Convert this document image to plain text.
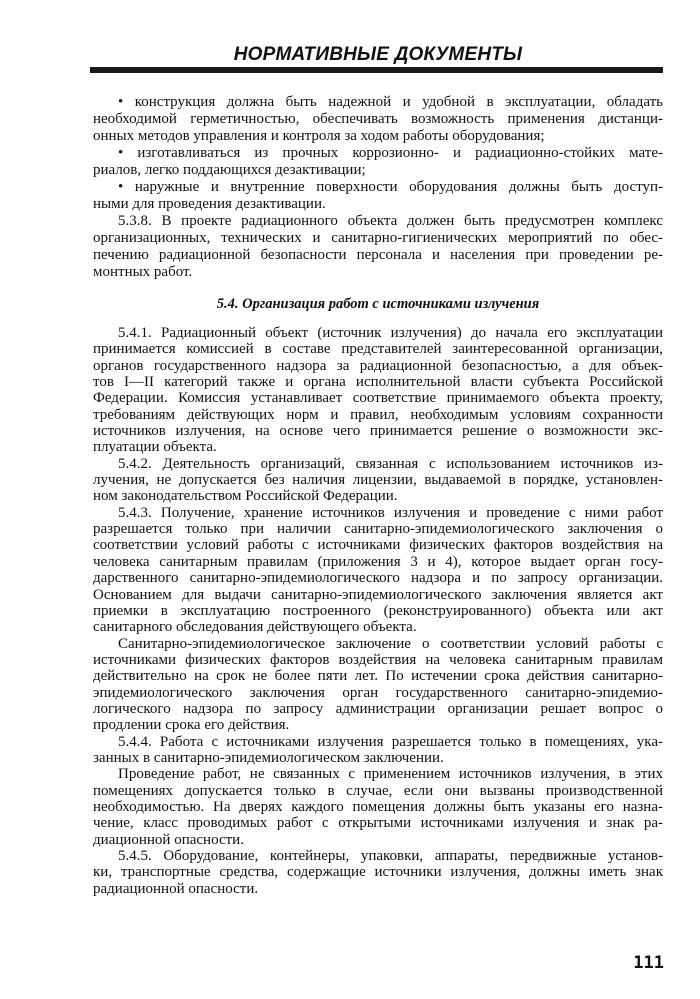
НОРМАТИВНЫЕ ДОКУМЕНТЫ
• конструкция должна быть надежной и удобной в эксплуатации, обладать
необходимой герметичностью, обеспечивать возможность применения дистанци-
онных методов управления и контроля за ходом работы оборудования;
• изготавливаться из прочных коррозионно- и радиационно-стойких мате-
риалов, легко поддающихся дезактивации;
• наружные и внутренние поверхности оборудования должны быть доступ-
ными для проведения дезактивации.
5.3.8. В проекте радиационного объекта должен быть предусмотрен комплекс
организационных, технических и санитарно-гигиенических мероприятий по обес-
печению радиационной безопасности персонала и населения при проведении ре-
монтных работ.
5.4. Организация работ с источниками излучения
5.4.1. Радиационный объект (источник излучения) до начала его эксплуатации
принимается комиссией в составе представителей заинтересованной организации,
органов государственного надзора за радиационной безопасностью, а для объек-
тов I—II категорий также и органа исполнительной власти субъекта Российской
Федерации. Комиссия устанавливает соответствие принимаемого объекта проекту,
требованиям действующих норм и правил, необходимым условиям сохранности
источников излучения, на основе чего принимается решение о возможности экс-
плуатации объекта.
5.4.2. Деятельность организаций, связанная с использованием источников из-
лучения, не допускается без наличия лицензии, выдаваемой в порядке, установлен-
ном законодательством Российской Федерации.
5.4.3. Получение, хранение источников излучения и проведение с ними работ
разрешается только при наличии санитарно-эпидемиологического заключения о
соответствии условий работы с источниками физических факторов воздействия на
человека санитарным правилам (приложения 3 и 4), которое выдает орган госу-
дарственного санитарно-эпидемиологического надзора и по запросу организации.
Основанием для выдачи санитарно-эпидемиологического заключения является акт
приемки в эксплуатацию построенного (реконструированного) объекта или акт
санитарного обследования действующего объекта.
Санитарно-эпидемиологическое заключение о соответствии условий работы с
источниками физических факторов воздействия на человека санитарным правилам
действительно на срок не более пяти лет. По истечении срока действия санитарно-
эпидемиологического заключения орган государственного санитарно-эпидемио-
логического надзора по запросу администрации организации решает вопрос о
продлении срока его действия.
5.4.4. Работа с источниками излучения разрешается только в помещениях, ука-
занных в санитарно-эпидемиологическом заключении.
Проведение работ, не связанных с применением источников излучения, в этих
помещениях допускается только в случае, если они вызваны производственной
необходимостью. На дверях каждого помещения должны быть указаны его назна-
чение, класс проводимых работ с открытыми источниками излучения и знак ра-
диационной опасности.
5.4.5. Оборудование, контейнеры, упаковки, аппараты, передвижные установ-
ки, транспортные средства, содержащие источники излучения, должны иметь знак
радиационной опасности.
111
